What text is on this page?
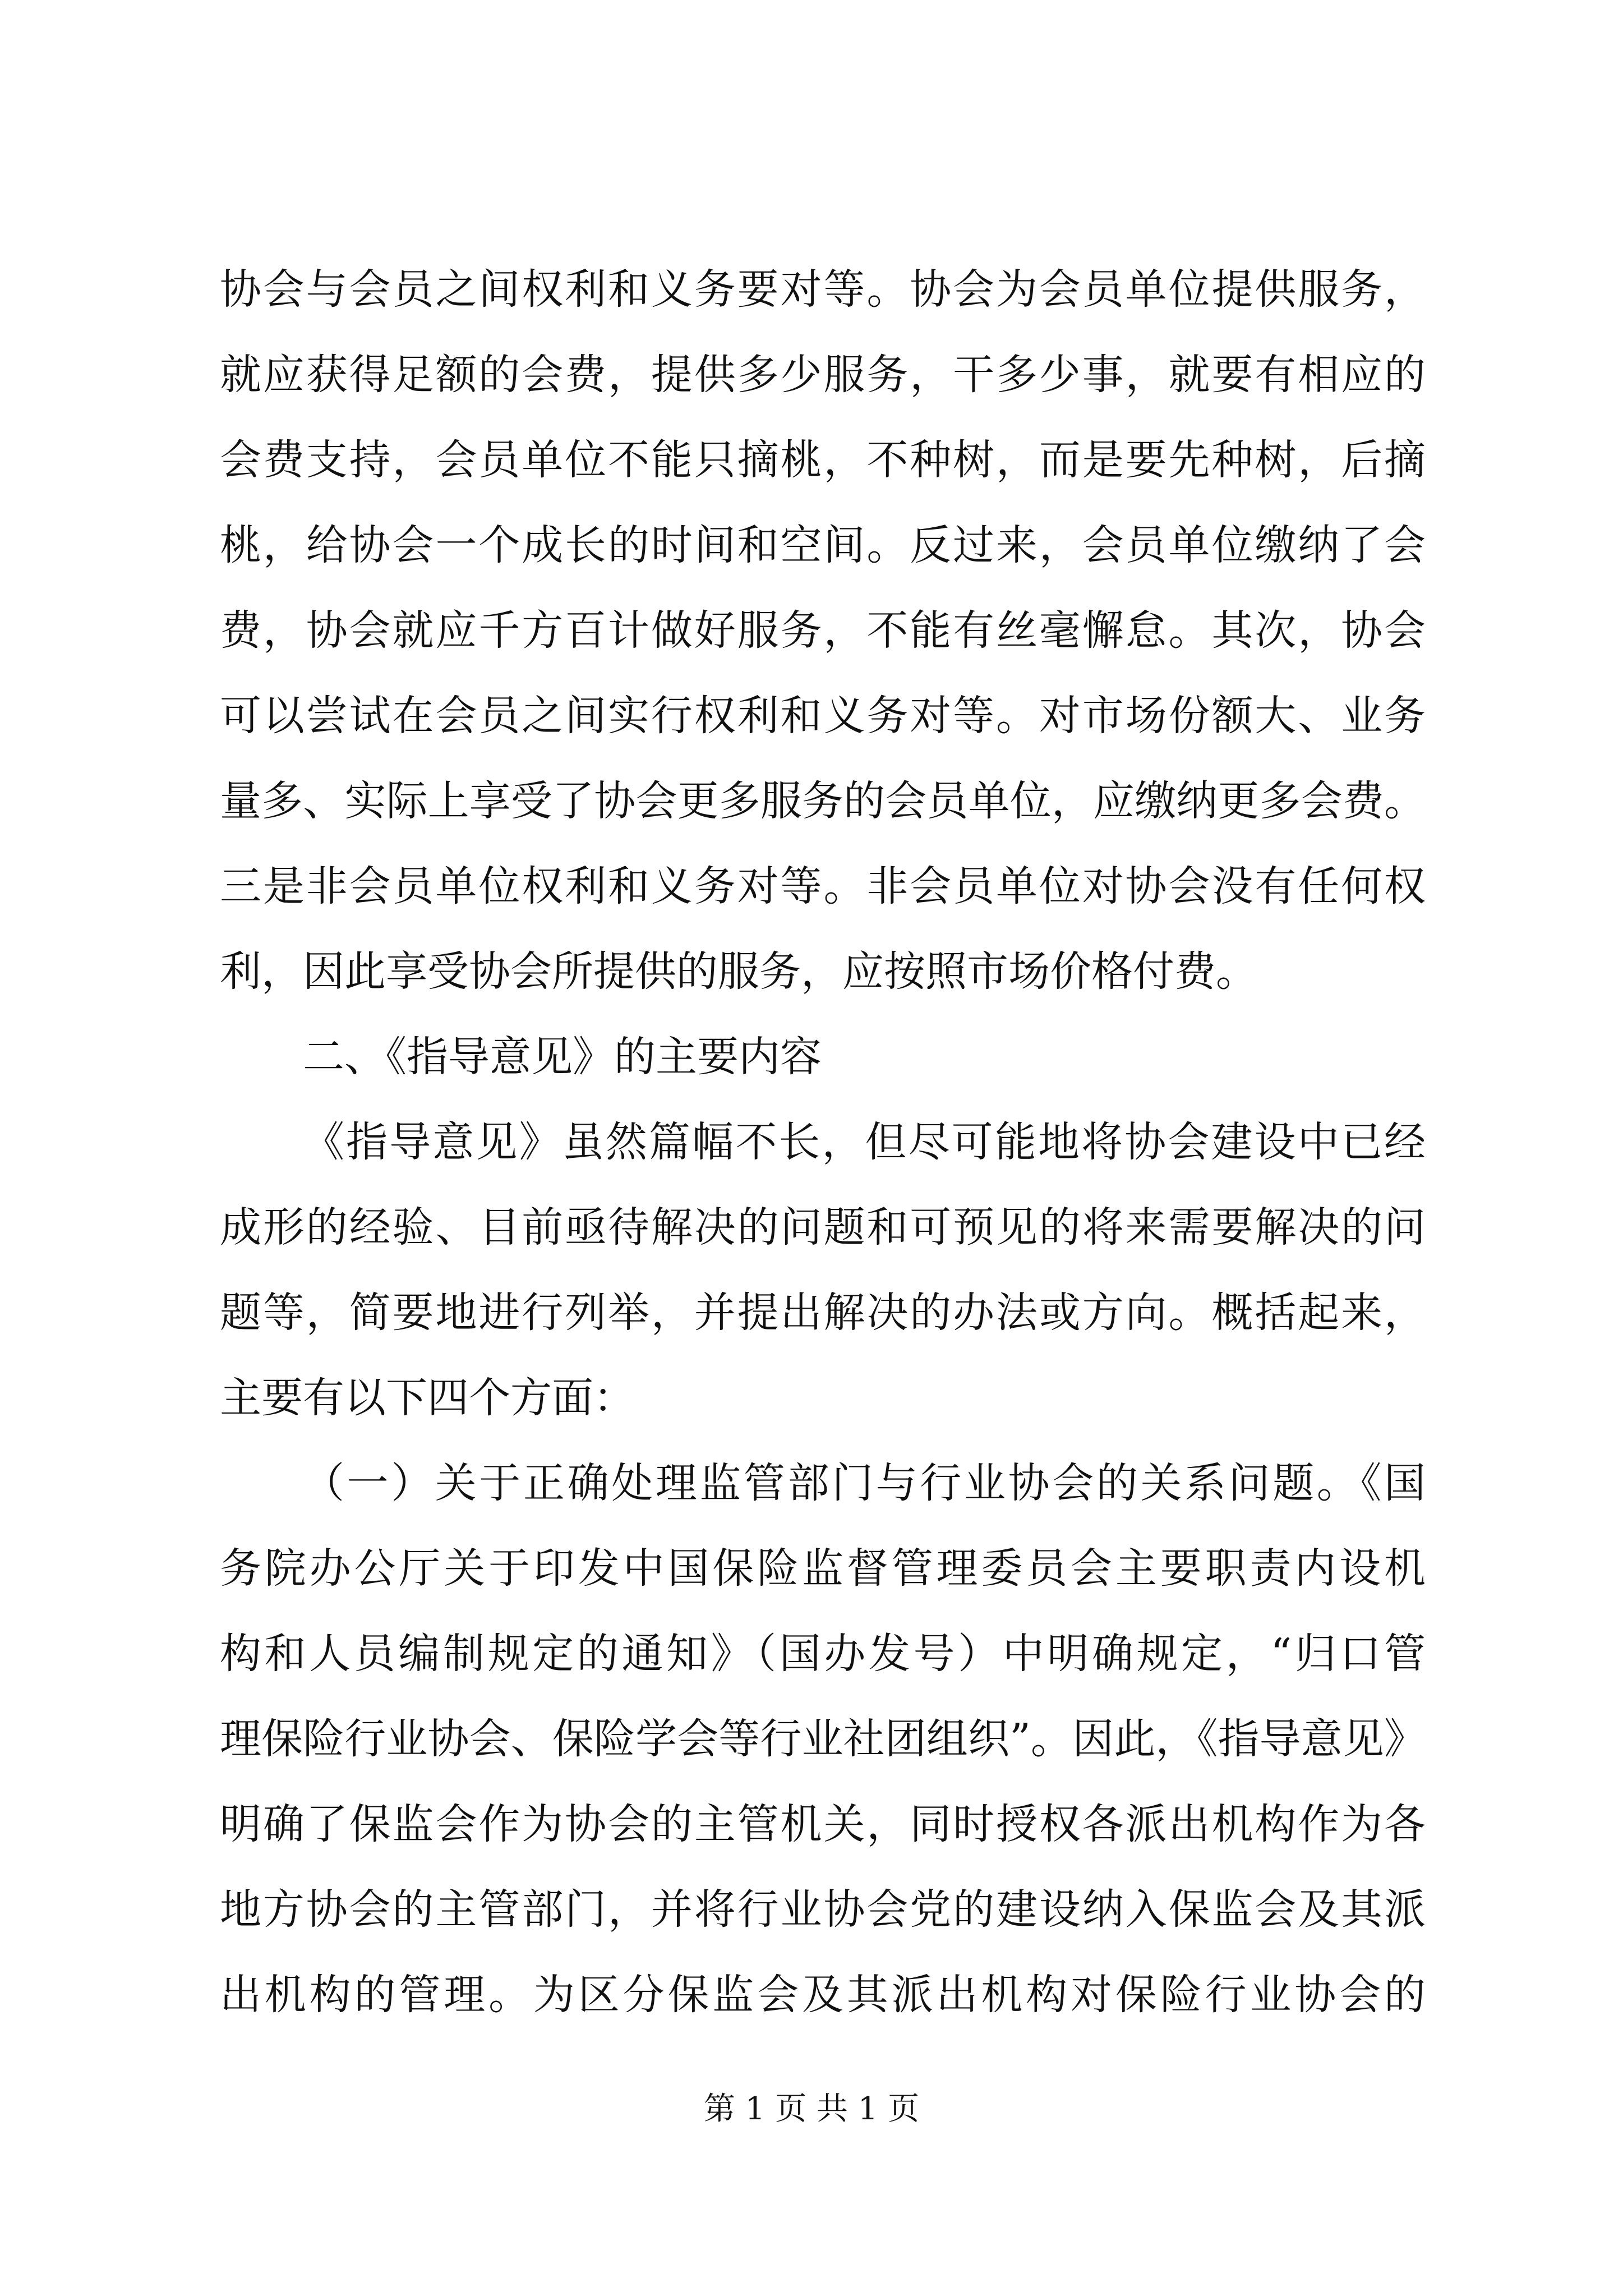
协会与会员之间权利和义务要对等。协会为会员单位提供服务，
就应获得足额的会费，提供多少服务，干多少事，就要有相应的
会费支持，会员单位不能只摘桃，不种树，而是要先种树，后摘
桃，给协会一个成长的时间和空间。反过来，会员单位缴纳了会
费，协会就应千方百计做好服务，不能有丝毫懈怠。其次，协会
可以尝试在会员之间实行权利和义务对等。对市场份额大、业务
量多、实际上享受了协会更多服务的会员单位，应缴纳更多会费。
三是非会员单位权利和义务对等。非会员单位对协会没有任何权
利，因此享受协会所提供的服务，应按照市场价格付费。
二、《指导意见》的主要内容
《指导意见》虽然篇幅不长，但尽可能地将协会建设中已经
成形的经验、目前亟待解决的问题和可预见的将来需要解决的问
题等，简要地进行列举，并提出解决的办法或方向。概括起来，
主要有以下四个方面：
（一）关于正确处理监管部门与行业协会的关系问题。《国
务院办公厅关于印发中国保险监督管理委员会主要职责内设机
构和人员编制规定的通知》（国办发号）中明确规定，“归口管
理保险行业协会、保险学会等行业社团组织”。因此，《指导意见》
明确了保监会作为协会的主管机关，同时授权各派出机构作为各
地方协会的主管部门，并将行业协会党的建设纳入保监会及其派
出机构的管理。为区分保监会及其派出机构对保险行业协会的
第 1 页 共 1 页
